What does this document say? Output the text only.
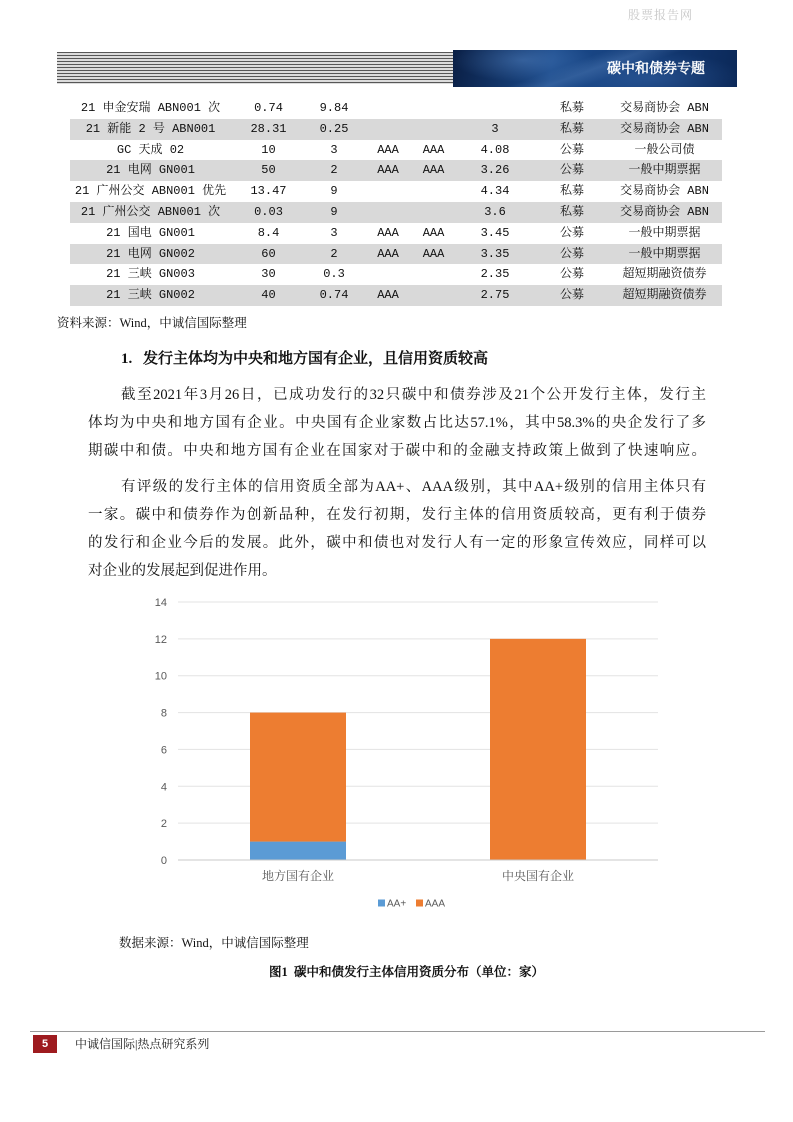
股票报告网
碳中和债券专题
21 申金安瑞 ABN001 次	0.74	9.84				私募	交易商协会 ABN
21 新能 2 号 ABN001	28.31	0.25			3	私募	交易商协会 ABN
GC 天成 02	10	3	AAA	AAA	4.08	公募	一般公司债
21 电网 GN001	50	2	AAA	AAA	3.26	公募	一般中期票据
21 广州公交 ABN001 优先	13.47	9			4.34	私募	交易商协会 ABN
21 广州公交 ABN001 次	0.03	9			3.6	私募	交易商协会 ABN
21 国电 GN001	8.4	3	AAA	AAA	3.45	公募	一般中期票据
21 电网 GN002	60	2	AAA	AAA	3.35	公募	一般中期票据
21 三峡 GN003	30	0.3			2.35	公募	超短期融资债券
21 三峡 GN002	40	0.74	AAA		2.75	公募	超短期融资债券
资料来源：Wind，中诚信国际整理
1. 发行主体均为中央和地方国有企业，且信用资质较高
截至2021年3月26日，已成功发行的32只碳中和债券涉及21个公开发行主体，发行主
体均为中央和地方国有企业。中央国有企业家数占比达57.1%，其中58.3%的央企发行了多
期碳中和债。中央和地方国有企业在国家对于碳中和的金融支持政策上做到了快速响应。
有评级的发行主体的信用资质全部为AA+、AAA级别，其中AA+级别的信用主体只有
一家。碳中和债券作为创新品种，在发行初期，发行主体的信用资质较高，更有利于债券
的发行和企业今后的发展。此外，碳中和债也对发行人有一定的形象宣传效应，同样可以
对企业的发展起到促进作用。
0
2
4
6
8
10
12
14
地方国有企业	中央国有企业
AA+ AAA
数据来源：Wind，中诚信国际整理
图1  碳中和债发行主体信用资质分布（单位：家）
5	中诚信国际|热点研究系列
